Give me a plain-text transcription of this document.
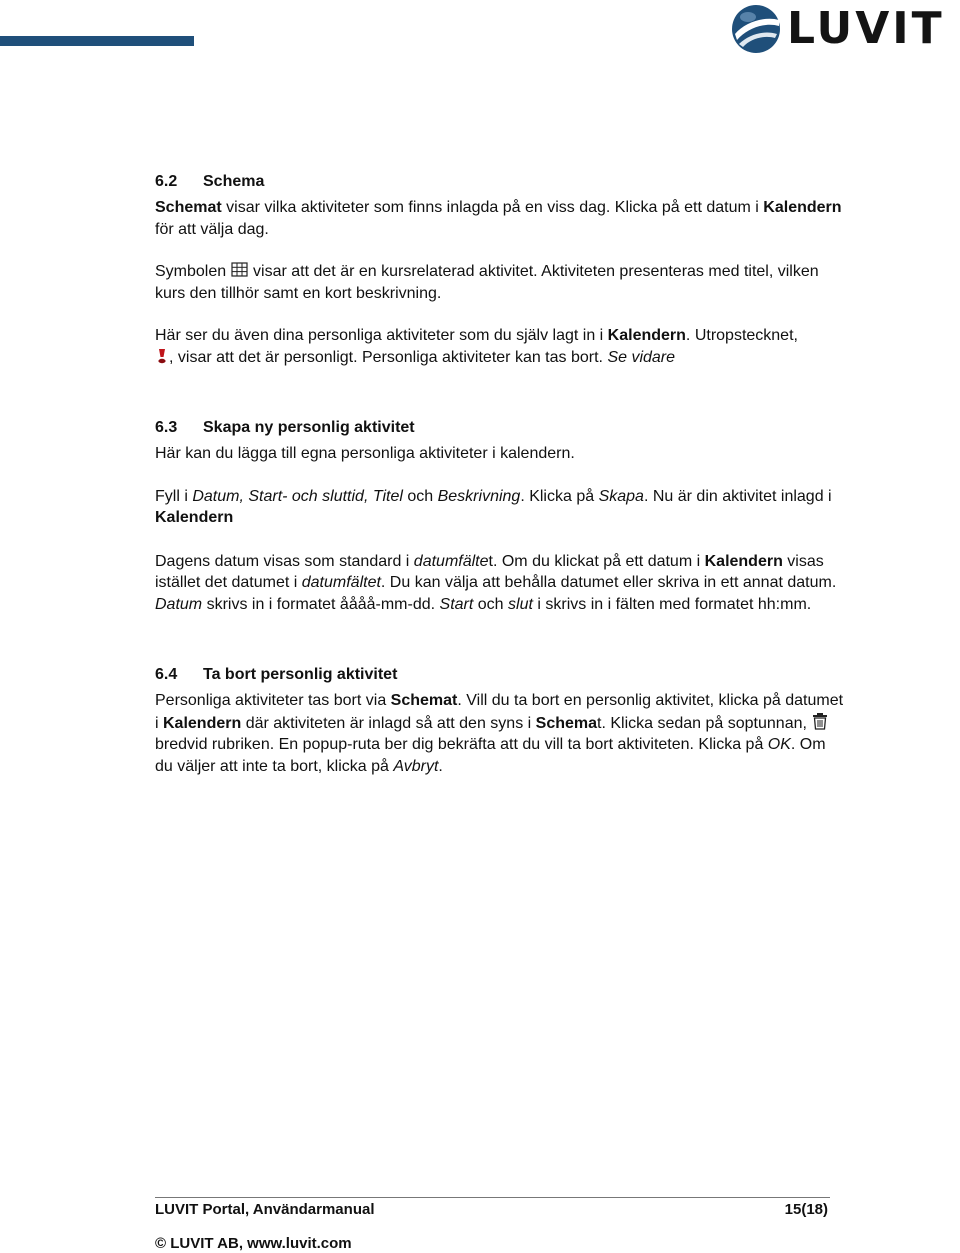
LUVIT
6.2 Schema

Schemat visar vilka aktiviteter som finns inlagda på en viss dag. Klicka på ett datum i Kalendern för att välja dag.

Symbolen  visar att det är en kursrelaterad aktivitet. Aktiviteten presenteras med titel, vilken kurs den tillhör samt en kort beskrivning.

Här ser du även dina personliga aktiviteter som du själv lagt in i Kalendern. Utropstecknet,
, visar att det är personligt. Personliga aktiviteter kan tas bort. Se vidare

6.3 Skapa ny personlig aktivitet

Här kan du lägga till egna personliga aktiviteter i kalendern.

Fyll i Datum, Start- och sluttid, Titel och Beskrivning. Klicka på Skapa. Nu är din aktivitet inlagd i Kalendern

Dagens datum visas som standard i datumfältet. Om du klickat på ett datum i Kalendern visas istället det datumet i datumfältet. Du kan välja att behålla datumet eller skriva in ett annat datum. Datum skrivs in i formatet åååå-mm-dd. Start och slut i skrivs in i fälten med formatet hh:mm.

6.4 Ta bort personlig aktivitet

Personliga aktiviteter tas bort via Schemat. Vill du ta bort en personlig aktivitet, klicka på datumet i Kalendern där aktiviteten är inlagd så att den syns i Schemat. Klicka sedan på soptunnan,  bredvid rubriken. En popup-ruta ber dig bekräfta att du vill ta bort aktiviteten. Klicka på OK. Om du väljer att inte ta bort, klicka på Avbryt.

LUVIT Portal, Användarmanual	15(18)
© LUVIT AB, www.luvit.com
